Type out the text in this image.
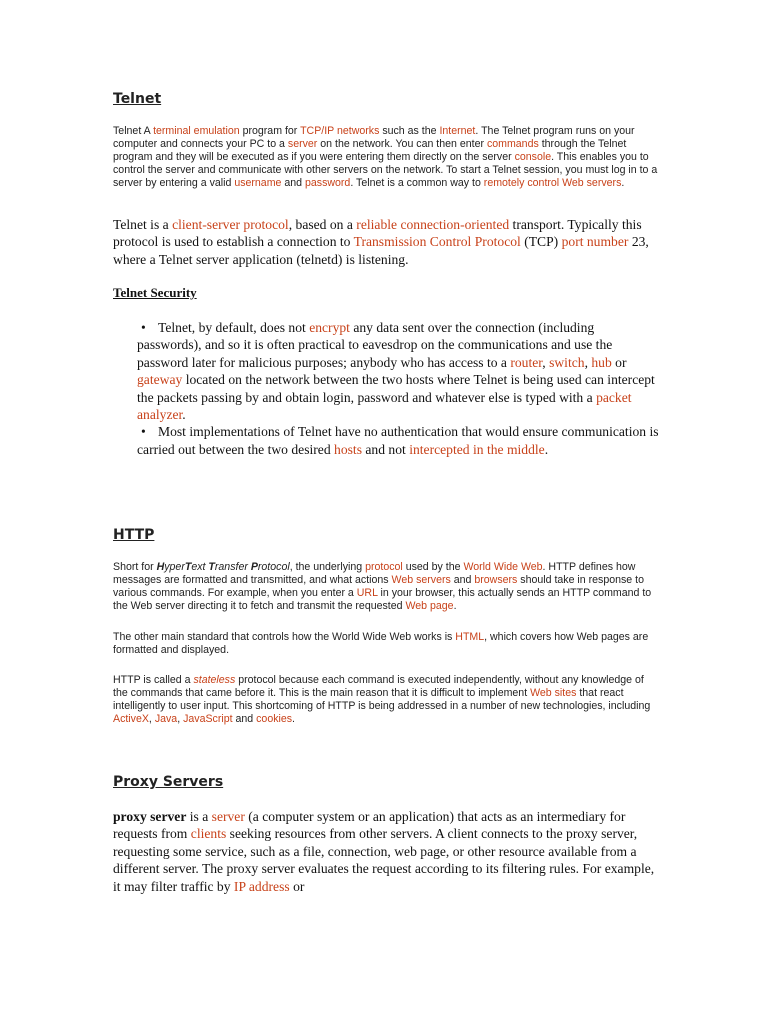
Telnet

Telnet A terminal emulation program for TCP/IP networks such as the Internet. The Telnet program runs on your computer and connects your PC to a server on the network. You can then enter commands through the Telnet program and they will be executed as if you were entering them directly on the server console. This enables you to control the server and communicate with other servers on the network. To start a Telnet session, you must log in to a server by entering a valid username and password. Telnet is a common way to remotely control Web servers.

Telnet is a client-server protocol, based on a reliable connection-oriented transport. Typically this protocol is used to establish a connection to Transmission Control Protocol (TCP) port number 23, where a Telnet server application (telnetd) is listening.

Telnet Security
• Telnet, by default, does not encrypt any data sent over the connection (including passwords), and so it is often practical to eavesdrop on the communications and use the password later for malicious purposes; anybody who has access to a router, switch, hub or gateway located on the network between the two hosts where Telnet is being used can intercept the packets passing by and obtain login, password and whatever else is typed with a packet analyzer.
• Most implementations of Telnet have no authentication that would ensure communication is carried out between the two desired hosts and not intercepted in the middle.
HTTP

Short for HyperText Transfer Protocol, the underlying protocol used by the World Wide Web. HTTP defines how messages are formatted and transmitted, and what actions Web servers and browsers should take in response to various commands. For example, when you enter a URL in your browser, this actually sends an HTTP command to the Web server directing it to fetch and transmit the requested Web page.

The other main standard that controls how the World Wide Web works is HTML, which covers how Web pages are formatted and displayed.

HTTP is called a stateless protocol because each command is executed independently, without any knowledge of the commands that came before it. This is the main reason that it is difficult to implement Web sites that react intelligently to user input. This shortcoming of HTTP is being addressed in a number of new technologies, including ActiveX, Java, JavaScript and cookies.

Proxy Servers

proxy server is a server (a computer system or an application) that acts as an intermediary for requests from clients seeking resources from other servers. A client connects to the proxy server, requesting some service, such as a file, connection, web page, or other resource available from a different server. The proxy server evaluates the request according to its filtering rules. For example, it may filter traffic by IP address or
